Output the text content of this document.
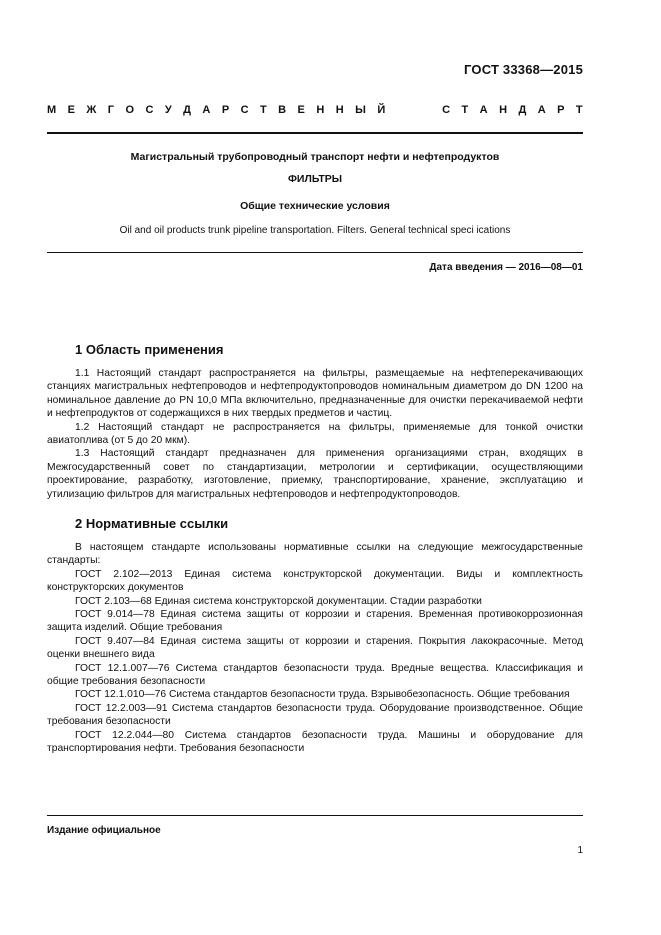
ГОСТ 33368—2015
М Е Ж Г О С У Д А Р С Т В Е Н Н Ы Й	С Т А Н Д А Р Т
Магистральный трубопроводный транспорт нефти и нефтепродуктов
ФИЛЬТРЫ
Общие технические условия
Oil and oil products trunk pipeline transportation. Filters. General technical speci ications
Дата введения — 2016—08—01
1 Область применения

1.1 Настоящий стандарт распространяется на фильтры, размещаемые на нефтеперекачивающих станциях магистральных нефтепроводов и нефтепродуктопроводов номинальным диаметром до DN 1200 на номинальное давление до PN 10,0 МПа включительно, предназначенные для очистки перекачиваемой нефти и нефтепродуктов от содержащихся в них твердых предметов и частиц.

1.2 Настоящий стандарт не распространяется на фильтры, применяемые для тонкой очистки авиатоплива (от 5 до 20 мкм).

1.3 Настоящий стандарт предназначен для применения организациями стран, входящих в Межгосударственный совет по стандартизации, метрологии и сертификации, осуществляющими проектирование, разработку, изготовление, приемку, транспортирование, хранение, эксплуатацию и утилизацию фильтров для магистральных нефтепроводов и нефтепродуктопроводов.

2 Нормативные ссылки

В настоящем стандарте использованы нормативные ссылки на следующие межгосударственные стандарты:

ГОСТ 2.102—2013 Единая система конструкторской документации. Виды и комплектность конструкторских документов

ГОСТ 2.103—68 Единая система конструкторской документации. Стадии разработки

ГОСТ 9.014—78 Единая система защиты от коррозии и старения. Временная противокоррозионная защита изделий. Общие требования

ГОСТ 9.407—84 Единая система защиты от коррозии и старения. Покрытия лакокрасочные. Метод оценки внешнего вида

ГОСТ 12.1.007—76 Система стандартов безопасности труда. Вредные вещества. Классификация и общие требования безопасности

ГОСТ 12.1.010—76 Система стандартов безопасности труда. Взрывобезопасность. Общие требования

ГОСТ 12.2.003—91 Система стандартов безопасности труда. Оборудование производственное. Общие требования безопасности

ГОСТ 12.2.044—80 Система стандартов безопасности труда. Машины и оборудование для транспортирования нефти. Требования безопасности

Издание официальное
1
